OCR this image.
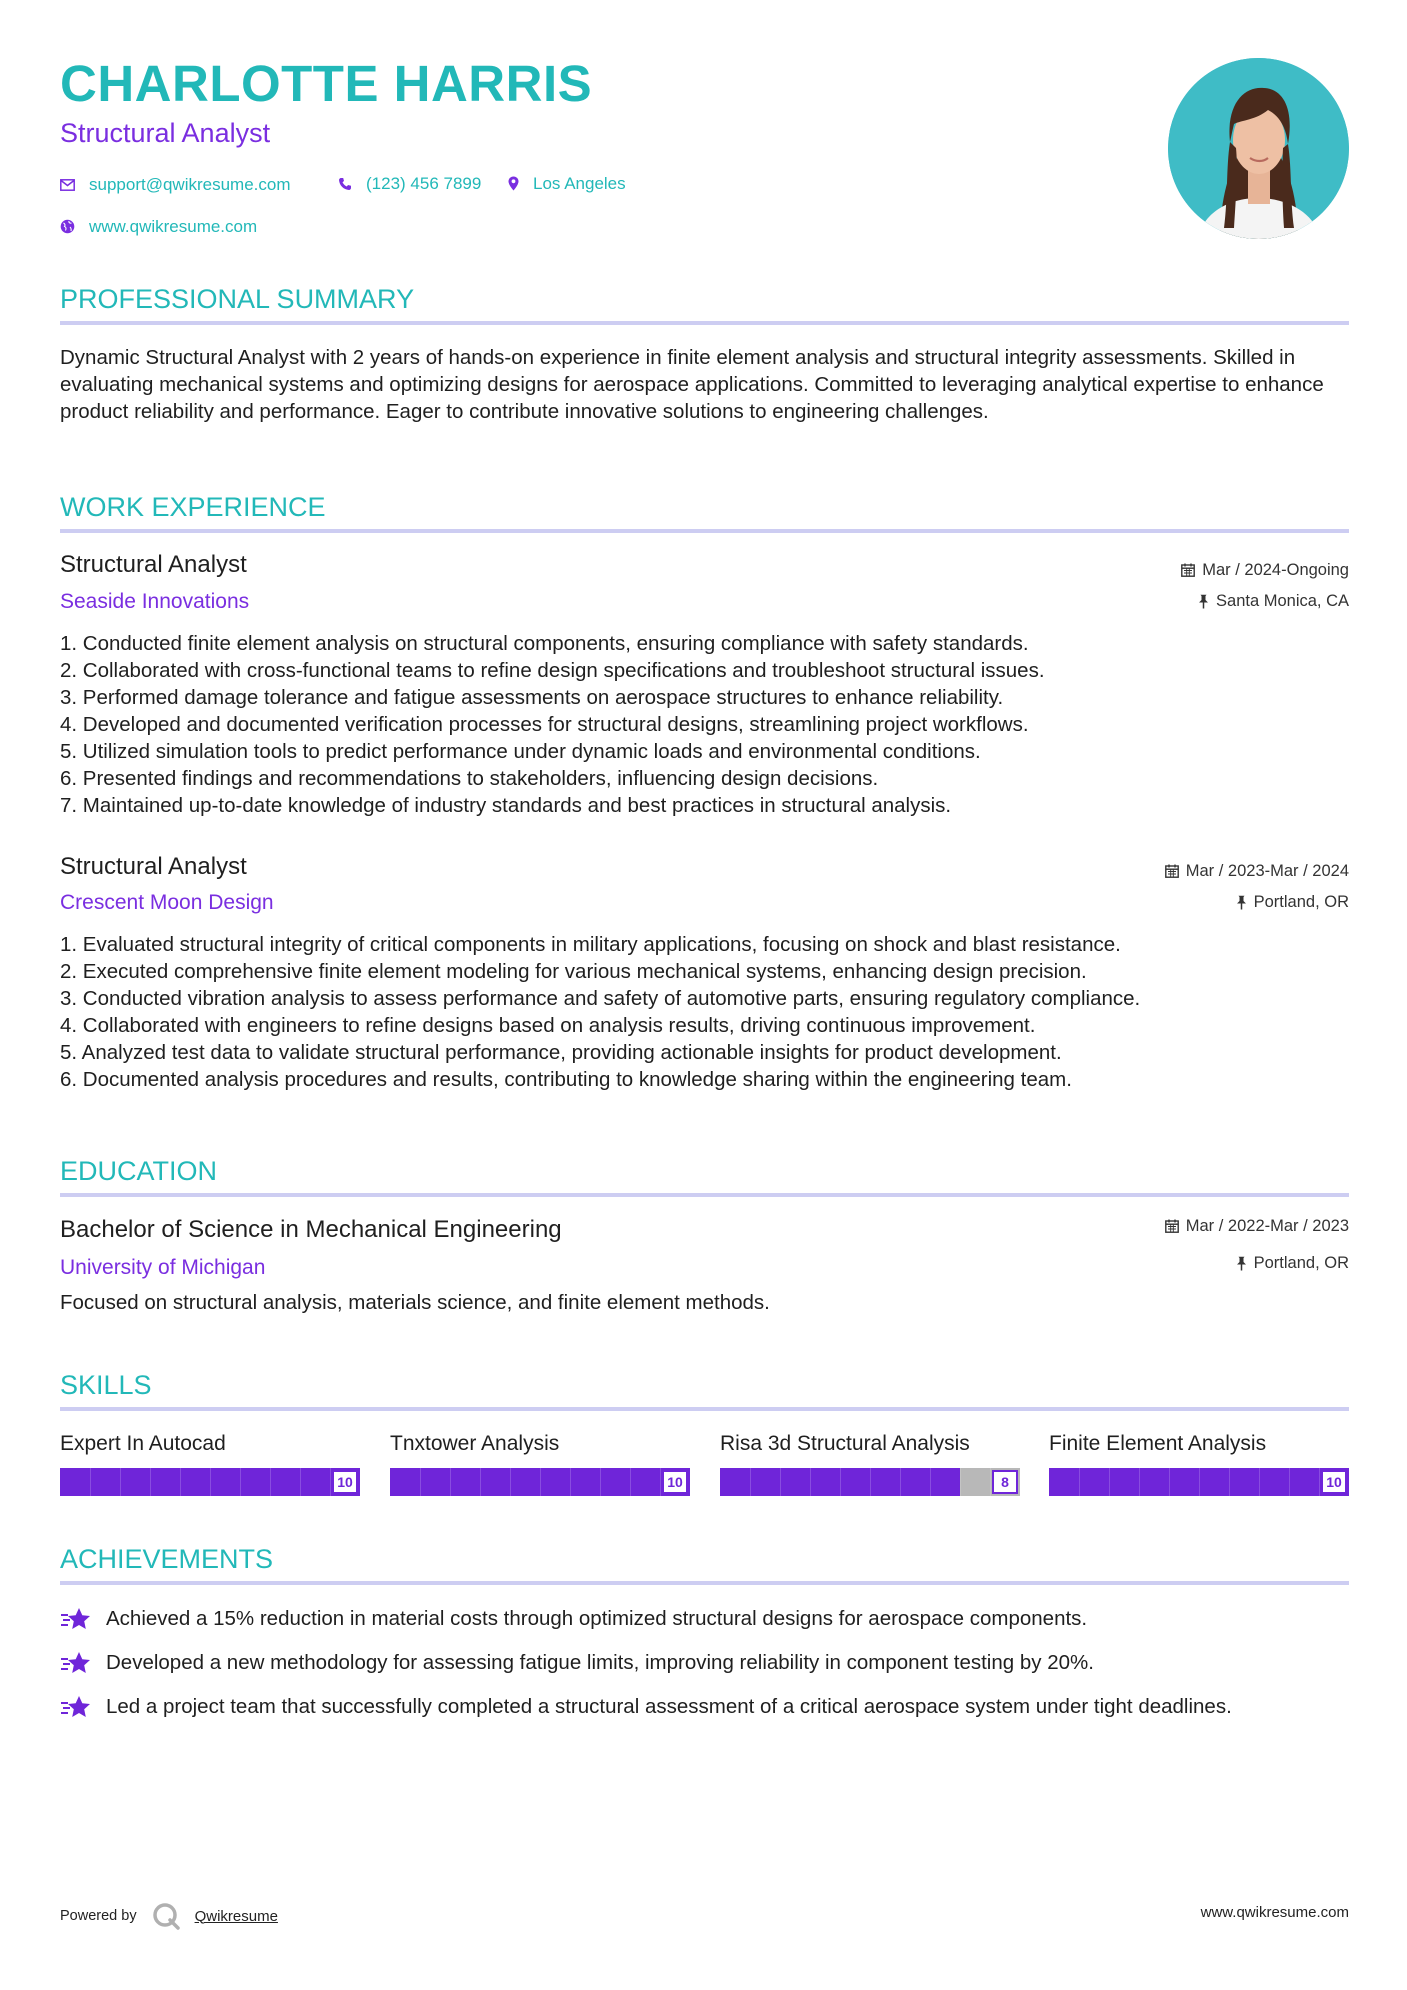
CHARLOTTE HARRIS
Structural Analyst
support@qwikresume.com	(123) 456 7899	Los Angeles
www.qwikresume.com
PROFESSIONAL SUMMARY
Dynamic Structural Analyst with 2 years of hands-on experience in finite element analysis and structural integrity assessments. Skilled in evaluating mechanical systems and optimizing designs for aerospace applications. Committed to leveraging analytical expertise to enhance product reliability and performance. Eager to contribute innovative solutions to engineering challenges.
WORK EXPERIENCE
Structural Analyst
Seaside Innovations
Mar / 2024-Ongoing
Santa Monica, CA
1. Conducted finite element analysis on structural components, ensuring compliance with safety standards.
2. Collaborated with cross-functional teams to refine design specifications and troubleshoot structural issues.
3. Performed damage tolerance and fatigue assessments on aerospace structures to enhance reliability.
4. Developed and documented verification processes for structural designs, streamlining project workflows.
5. Utilized simulation tools to predict performance under dynamic loads and environmental conditions.
6. Presented findings and recommendations to stakeholders, influencing design decisions.
7. Maintained up-to-date knowledge of industry standards and best practices in structural analysis.
Structural Analyst
Crescent Moon Design
Mar / 2023-Mar / 2024
Portland, OR
1. Evaluated structural integrity of critical components in military applications, focusing on shock and blast resistance.
2. Executed comprehensive finite element modeling for various mechanical systems, enhancing design precision.
3. Conducted vibration analysis to assess performance and safety of automotive parts, ensuring regulatory compliance.
4. Collaborated with engineers to refine designs based on analysis results, driving continuous improvement.
5. Analyzed test data to validate structural performance, providing actionable insights for product development.
6. Documented analysis procedures and results, contributing to knowledge sharing within the engineering team.
EDUCATION
Bachelor of Science in Mechanical Engineering
University of Michigan
Mar / 2022-Mar / 2023
Portland, OR
Focused on structural analysis, materials science, and finite element methods.
SKILLS
Expert In Autocad	Tnxtower Analysis	Risa 3d Structural Analysis	Finite Element Analysis
10	10	8	10
ACHIEVEMENTS
Achieved a 15% reduction in material costs through optimized structural designs for aerospace components.
Developed a new methodology for assessing fatigue limits, improving reliability in component testing by 20%.
Led a project team that successfully completed a structural assessment of a critical aerospace system under tight deadlines.
Powered by	Qwikresume	www.qwikresume.com
